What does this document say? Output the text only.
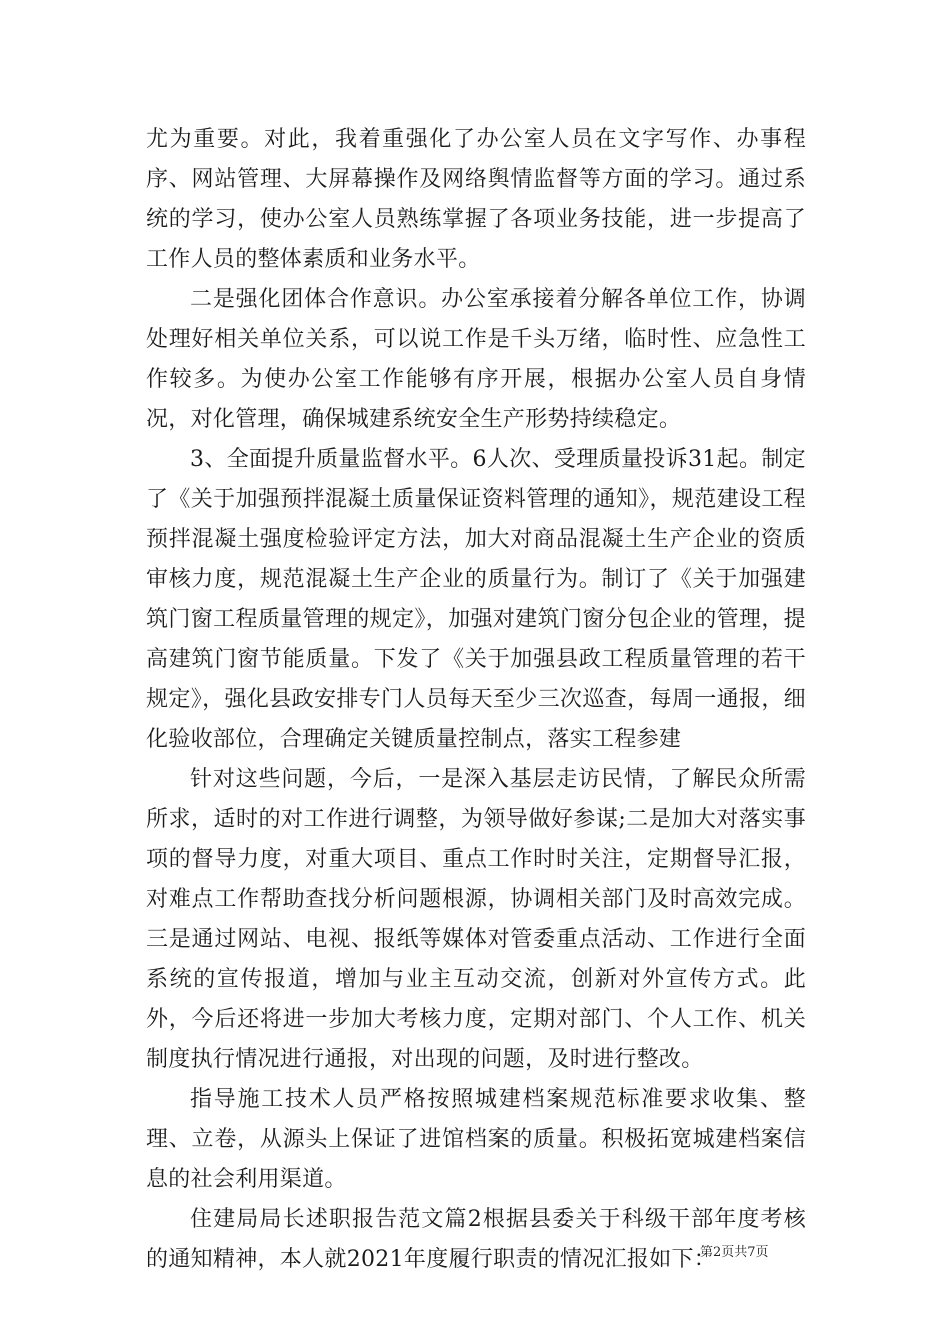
尤为重要。对此，我着重强化了办公室人员在文字写作、办事程序、网站管理、大屏幕操作及网络舆情监督等方面的学习。通过系统的学习，使办公室人员熟练掌握了各项业务技能，进一步提高了工作人员的整体素质和业务水平。

二是强化团体合作意识。办公室承接着分解各单位工作，协调处理好相关单位关系，可以说工作是千头万绪，临时性、应急性工作较多。为使办公室工作能够有序开展，根据办公室人员自身情况，对化管理，确保城建系统安全生产形势持续稳定。

3、全面提升质量监督水平。6人次、受理质量投诉31起。制定了《关于加强预拌混凝土质量保证资料管理的通知》，规范建设工程预拌混凝土强度检验评定方法，加大对商品混凝土生产企业的资质审核力度，规范混凝土生产企业的质量行为。制订了《关于加强建筑门窗工程质量管理的规定》，加强对建筑门窗分包企业的管理，提高建筑门窗节能质量。下发了《关于加强县政工程质量管理的若干规定》，强化县政安排专门人员每天至少三次巡查，每周一通报，细化验收部位，合理确定关键质量控制点，落实工程参建

针对这些问题，今后，一是深入基层走访民情，了解民众所需所求，适时的对工作进行调整，为领导做好参谋;二是加大对落实事项的督导力度，对重大项目、重点工作时时关注，定期督导汇报，对难点工作帮助查找分析问题根源，协调相关部门及时高效完成。三是通过网站、电视、报纸等媒体对管委重点活动、工作进行全面系统的宣传报道，增加与业主互动交流，创新对外宣传方式。此外，今后还将进一步加大考核力度，定期对部门、个人工作、机关制度执行情况进行通报，对出现的问题，及时进行整改。

指导施工技术人员严格按照城建档案规范标准要求收集、整理、立卷，从源头上保证了进馆档案的质量。积极拓宽城建档案信息的社会利用渠道。

住建局局长述职报告范文篇2根据县委关于科级干部年度考核的通知精神，本人就2021年度履行职责的情况汇报如下：

第2页共7页
